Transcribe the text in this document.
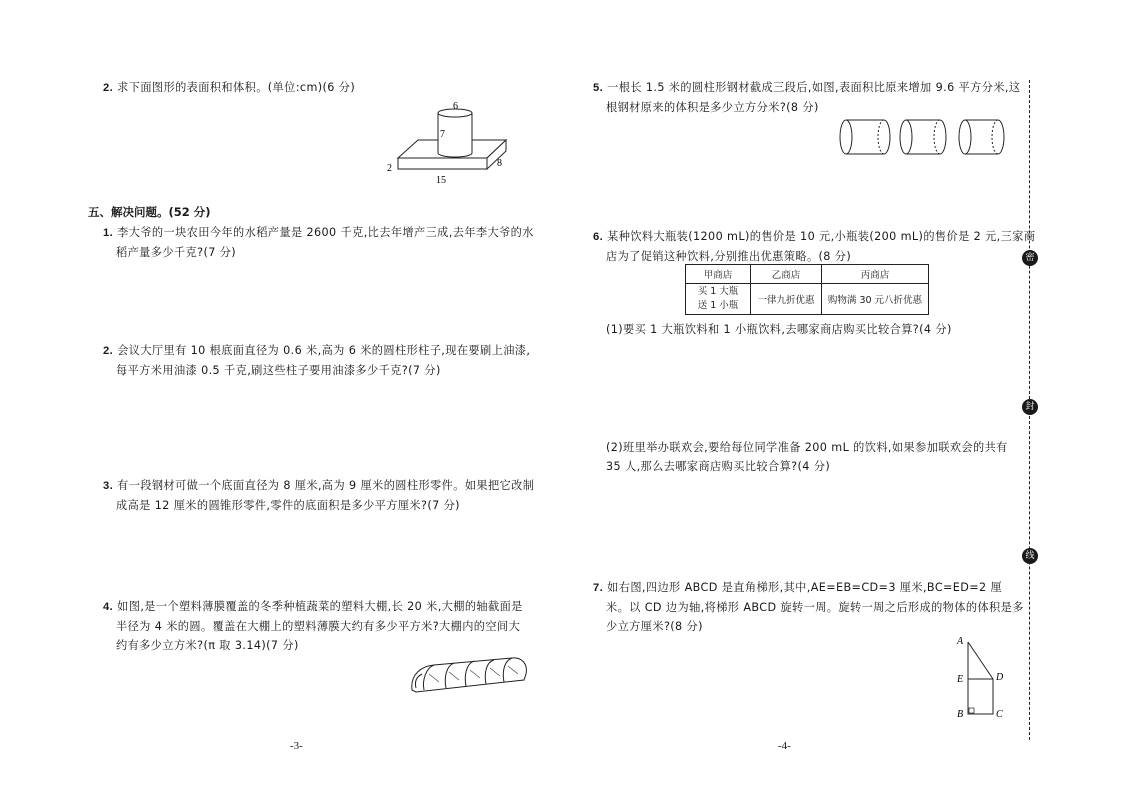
2. 求下面图形的表面积和体积。(单位:cm)(6 分)
6
7
2
15
8
五、解决问题。(52 分)
1. 李大爷的一块农田今年的水稻产量是 2600 千克,比去年增产三成,去年李大爷的水
稻产量多少千克?(7 分)
2. 会议大厅里有 10 根底面直径为 0.6 米,高为 6 米的圆柱形柱子,现在要刷上油漆,
每平方米用油漆 0.5 千克,刷这些柱子要用油漆多少千克?(7 分)
3. 有一段钢材可做一个底面直径为 8 厘米,高为 9 厘米的圆柱形零件。如果把它改制
成高是 12 厘米的圆锥形零件,零件的底面积是多少平方厘米?(7 分)
4. 如图,是一个塑料薄膜覆盖的冬季种植蔬菜的塑料大棚,长 20 米,大棚的轴截面是
半径为 4 米的圆。覆盖在大棚上的塑料薄膜大约有多少平方米?大棚内的空间大
约有多少立方米?(π 取 3.14)(7 分)
-3-
5. 一根长 1.5 米的圆柱形钢材截成三段后,如图,表面积比原来增加 9.6 平方分米,这
根钢材原来的体积是多少立方分米?(8 分)
6. 某种饮料大瓶装(1200 mL)的售价是 10 元,小瓶装(200 mL)的售价是 2 元,三家商
店为了促销这种饮料,分别推出优惠策略。(8 分)
甲商店	乙商店	丙商店

买 1 大瓶
送 1 小瓶	一律九折优惠	购物满 30 元八折优惠
(1)要买 1 大瓶饮料和 1 小瓶饮料,去哪家商店购买比较合算?(4 分)
(2)班里举办联欢会,要给每位同学准备 200 mL 的饮料,如果参加联欢会的共有
35 人,那么去哪家商店购买比较合算?(4 分)
7. 如右图,四边形 ABCD 是直角梯形,其中,AE=EB=CD=3 厘米,BC=ED=2 厘
米。以 CD 边为轴,将梯形 ABCD 旋转一周。旋转一周之后形成的物体的体积是多
少立方厘米?(8 分)
A
E
B	C
D
-4-
密
封
线
